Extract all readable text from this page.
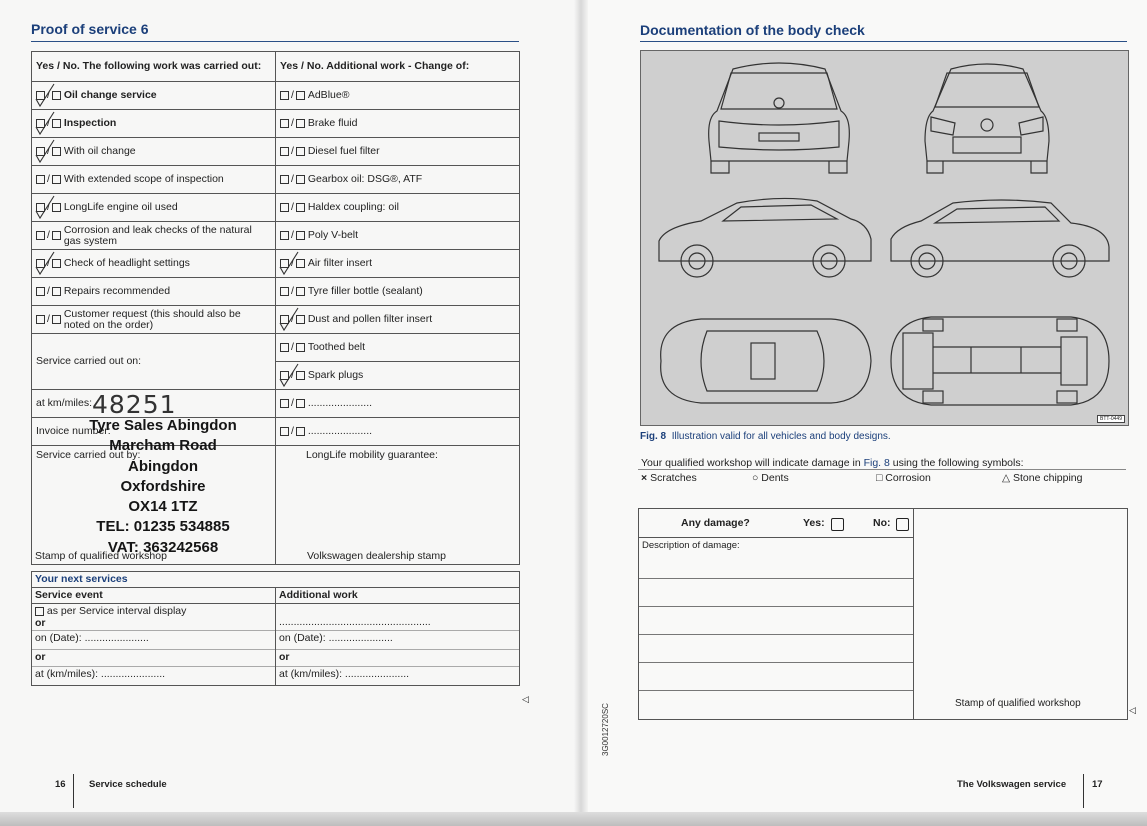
Proof of service 6
Yes / No. The following work was carried out:	Yes / No. Additional work - Change of:
/ Oil change service	/ AdBlue®
/ Inspection	/ Brake fluid
/ With oil change	/ Diesel fuel filter
/ With extended scope of inspection	/ Gearbox oil: DSG®, ATF
/ LongLife engine oil used	/ Haldex coupling: oil
/ Corrosion and leak checks of the natural gas system	/ Poly V-belt
/ Check of headlight settings	/ Air filter insert

/ Repairs recommended	/ Tyre filler bottle (sealant)
/ Customer request (this should also be noted on the order)	/ Dust and pollen filter insert

Service carried out on:	/ Toothed belt
	/ Spark plugs

at km/miles:	/ ......................
Invoice number:	/ ......................
Service carried out by:
Stamp of qualified workshop	LongLife mobility guarantee:
Volkswagen dealership stamp
48251
Tyre Sales Abingdon
Marcham Road
Abingdon
Oxfordshire
OX14 1TZ
TEL: 01235 534885
VAT: 363242568
Your next services	
Service event	Additional work
as per Service interval display
or	....................................................
on (Date): ......................	on (Date): ......................
or	or
at (km/miles): ......................	at (km/miles): ......................
◁
16 Service schedule
Documentation of the body check
BTT-0449
Fig. 8 Illustration valid for all vehicles and body designs.
Your qualified workshop will indicate damage in Fig. 8 using the following symbols:
× Scratches	○ Dents	□ Corrosion	△ Stone chipping
Any damage?	Yes:	No:
Description of damage:
Stamp of qualified workshop
◁
3G0012720SC
The Volkswagen service	17
